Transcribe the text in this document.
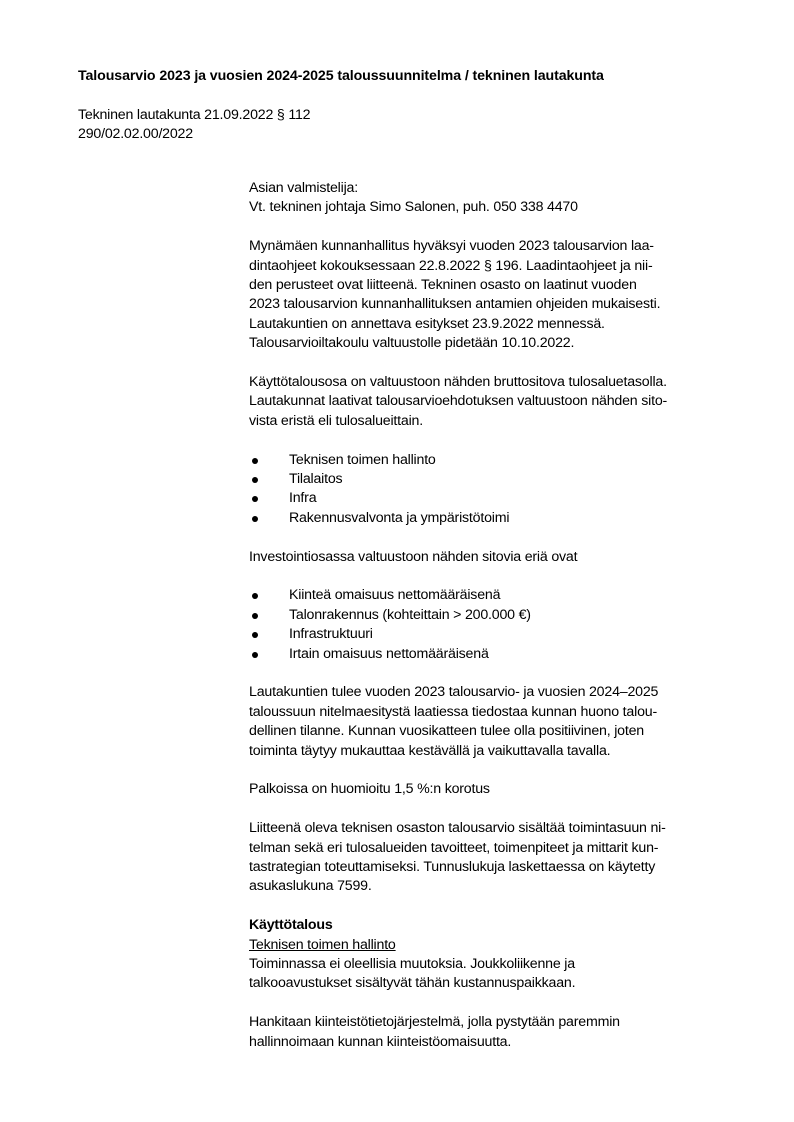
Talousarvio 2023 ja vuosien 2024-2025 taloussuunnitelma / tekninen lautakunta
Tekninen lautakunta 21.09.2022 § 112
290/02.02.00/2022

Asian valmistelija:

Vt. tekninen johtaja Simo Salonen, puh. 050 338 4470

Mynämäen kunnanhallitus hyväksyi vuoden 2023 talousarvion laa-

dintaohjeet kokouksessaan 22.8.2022 § 196. Laadintaohjeet ja nii-

den perusteet ovat liitteenä. Tekninen osasto on laatinut vuoden

2023 talousarvion kunnanhallituksen antamien ohjeiden mukaisesti.

Lautakuntien on annettava esitykset 23.9.2022 mennessä.

Talousarvioiltakoulu valtuustolle pidetään 10.10.2022.

Käyttötalousosa on valtuustoon nähden bruttositova tulosaluetasolla.

Lautakunnat laativat talousarvioehdotuksen valtuustoon nähden sito-

vista eristä eli tulosalueittain.

Teknisen toimen hallinto
Tilalaitos
Infra
Rakennusvalvonta ja ympäristötoimi

Investointiosassa valtuustoon nähden sitovia eriä ovat

Kiinteä omaisuus nettomääräisenä
Talonrakennus (kohteittain > 200.000 €)
Infrastruktuuri
Irtain omaisuus nettomääräisenä

Lautakuntien tulee vuoden 2023 talousarvio- ja vuosien 2024–2025

taloussuun nitelmaesitystä laatiessa tiedostaa kunnan huono talou-

dellinen tilanne. Kunnan vuosikatteen tulee olla positiivinen, joten

toiminta täytyy mukauttaa kestävällä ja vaikuttavalla tavalla.

Palkoissa on huomioitu 1,5 %:n korotus

Liitteenä oleva teknisen osaston talousarvio sisältää toimintasuun ni-

telman sekä eri tulosalueiden tavoitteet, toimenpiteet ja mittarit kun-

tastrategian toteuttamiseksi. Tunnuslukuja laskettaessa on käytetty

asukaslukuna 7599.

Käyttötalous

Teknisen toimen hallinto

Toiminnassa ei oleellisia muutoksia. Joukkoliikenne ja

talkooavustukset sisältyvät tähän kustannuspaikkaan.

Hankitaan kiinteistötietojärjestelmä, jolla pystytään paremmin

hallinnoimaan kunnan kiinteistöomaisuutta.
